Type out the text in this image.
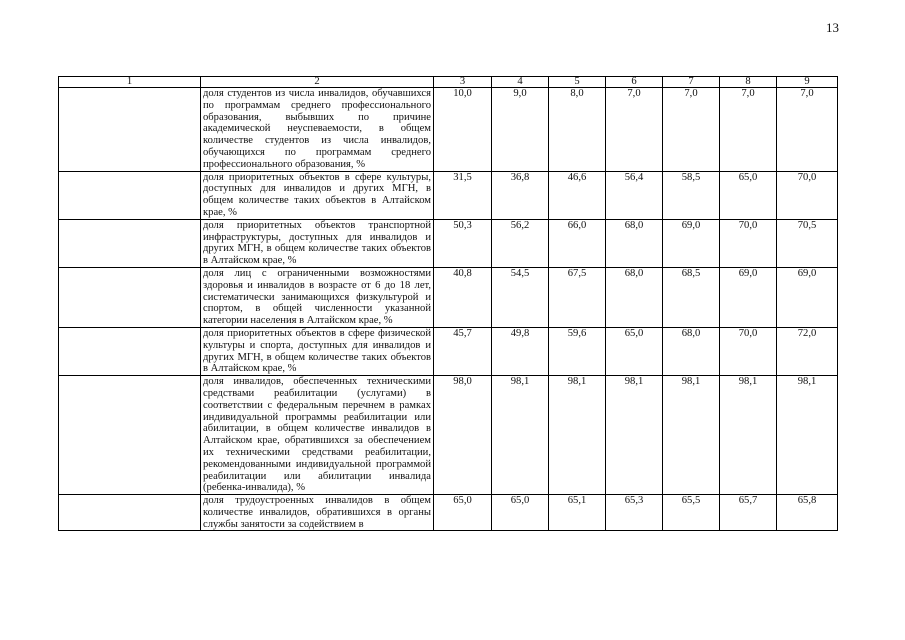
13
1	2	3	4	5	6	7	8	9
	доля студентов из числа инвалидов, обучавшихся по программам среднего профессионального образования, выбывших по причине академической неуспеваемости, в общем количестве студентов из числа инвалидов, обучающихся по программам среднего профессионального образования, %	10,0	9,0	8,0	7,0	7,0	7,0	7,0
	доля приоритетных объектов в сфере культуры, доступных для инвалидов и других МГН, в общем количестве таких объектов в Алтайском крае, %	31,5	36,8	46,6	56,4	58,5	65,0	70,0
	доля приоритетных объектов транспортной инфраструктуры, доступных для инвалидов и других МГН, в общем количестве таких объектов в Алтайском крае, %	50,3	56,2	66,0	68,0	69,0	70,0	70,5
	доля лиц с ограниченными возможностями здоровья и инвалидов в возрасте от 6 до 18 лет, систематически занимающихся физкультурой и спортом, в общей численности указанной категории населения в Алтайском крае, %	40,8	54,5	67,5	68,0	68,5	69,0	69,0
	доля приоритетных объектов в сфере физической культуры и спорта, доступных для инвалидов и других МГН, в общем количестве таких объектов в Алтайском крае, %	45,7	49,8	59,6	65,0	68,0	70,0	72,0
	доля инвалидов, обеспеченных техническими средствами реабилитации (услугами) в соответствии с федеральным перечнем в рамках индивидуальной программы реабилитации или абилитации, в общем количестве инвалидов в Алтайском крае, обратившихся за обеспечением их техническими средствами реабилитации, рекомендованными индивидуальной программой реабилитации или абилитации инвалида (ребенка-инвалида), %	98,0	98,1	98,1	98,1	98,1	98,1	98,1
	доля трудоустроенных инвалидов в общем количестве инвалидов, обратившихся в органы службы занятости за содействием в	65,0	65,0	65,1	65,3	65,5	65,7	65,8
